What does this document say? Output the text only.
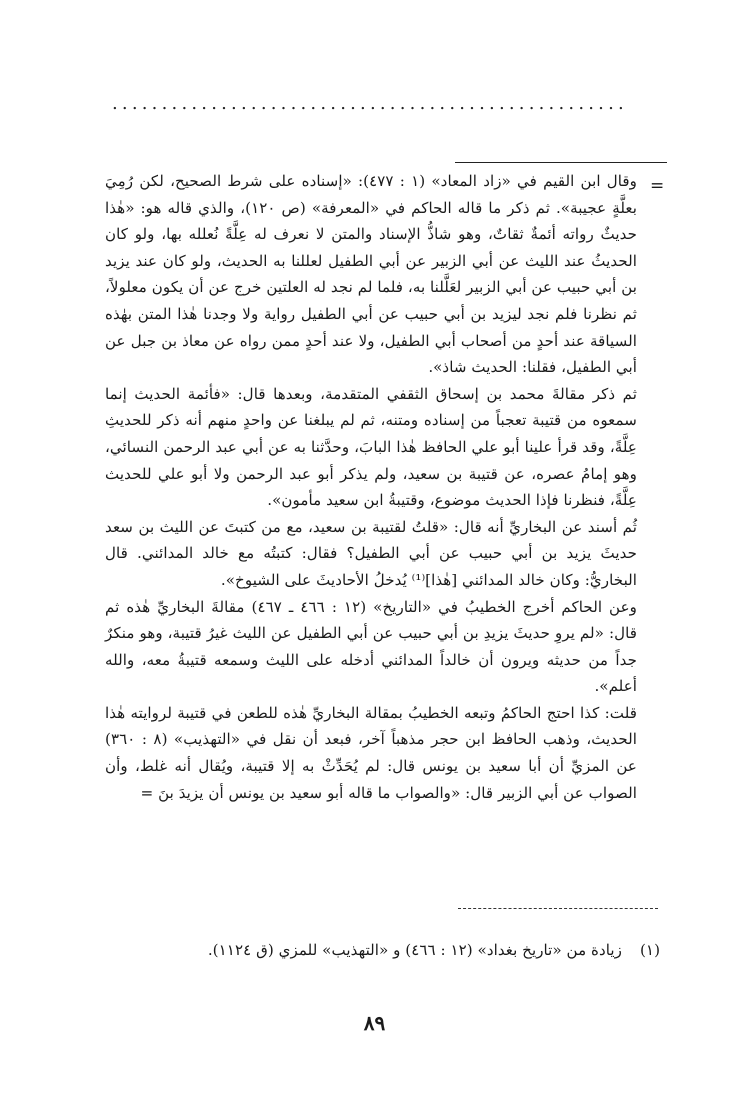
....................................................
=

وقال ابن القيم في «زاد المعاد» (١ : ٤٧٧): «إسناده على شرط الصحيح، لكن رُمِيَ بعلَّةٍ عجيبة». ثم ذكر ما قاله الحاكم في «المعرفة» (ص ١٢٠)، والذي قاله هو: «هٰذا حديثٌ رواته أئمةٌ ثقاتٌ، وهو شاذُّ الإسناد والمتن لا نعرف له عِلَّةً نُعلله بها، ولو كان الحديثُ عند الليث عن أبي الزبير عن أبي الطفيل لعللنا به الحديث، ولو كان عند يزيد بن أبي حبيب عن أبي الزبير لعَلَّلنا به، فلما لم نجد له العلتين خرج عن أن يكون معلولاً، ثم نظرنا فلم نجد ليزيد بن أبي حبيب عن أبي الطفيل رواية ولا وجدنا هٰذا المتن بهٰذه السياقة عند أحدٍ من أصحاب أبي الطفيل، ولا عند أحدٍ ممن رواه عن معاذ بن جبل عن أبي الطفيل، فقلنا: الحديث شاذ».

ثم ذكر مقالةَ محمد بن إسحاق الثقفي المتقدمة، وبعدها قال: «فأئمة الحديث إنما سمعوه من قتيبة تعجباً من إسناده ومتنه، ثم لم يبلغنا عن واحدٍ منهم أنه ذكر للحديثِ عِلَّةً، وقد قرأ علينا أبو علي الحافظ هٰذا البابَ، وحدَّثنا به عن أبي عبد الرحمن النسائي، وهو إمامُ عصره، عن قتيبة بن سعيد، ولم يذكر أبو عبد الرحمن ولا أبو علي للحديث عِلَّةً، فنظرنا فإذا الحديث موضوع، وقتيبةُ ابن سعيد مأمون».

ثُم أسند عن البخاريِّ أنه قال: «قلتُ لقتيبة بن سعيد، مع من كتبتَ عن الليث بن سعد حديثَ يزيد بن أبي حبيب عن أبي الطفيل؟ فقال: كتبتُه مع خالد المدائني. قال البخاريُّ: وكان خالد المدائني [هٰذا]⁽¹⁾ يُدخلُ الأحاديثَ على الشيوخ».

وعن الحاكم أخرج الخطيبُ في «التاريخ» (١٢ : ٤٦٦ ـ ٤٦٧) مقالةَ البخاريِّ هٰذه ثم قال: «لم يروِ حديثَ يزيدِ بن أبي حبيب عن أبي الطفيل عن الليث غيرُ قتيبة، وهو منكرٌ جداً من حديثه ويرون أن خالداً المدائني أدخله على الليث وسمعه قتيبةُ معه، والله أعلم».

قلت: كذا احتج الحاكمُ وتبعه الخطيبُ بمقالة البخاريِّ هٰذه للطعن في قتيبة لروايته هٰذا الحديث، وذهب الحافظ ابن حجر مذهباً آخر، فبعد أن نقل في «التهذيب» (٨ : ٣٦٠) عن المزيِّ أن أبا سعيد بن يونس قال: لم يُحَدِّثْ به إلا قتيبة، ويُقال أنه غلط، وأن الصواب عن أبي الزبير قال: «والصواب ما قاله أبو سعيد بن يونس أن يزيدَ بنَ =

(١)زيادة من «تاريخ بغداد» (١٢ : ٤٦٦) و «التهذيب» للمزي (ق ١١٢٤).
٨٩
